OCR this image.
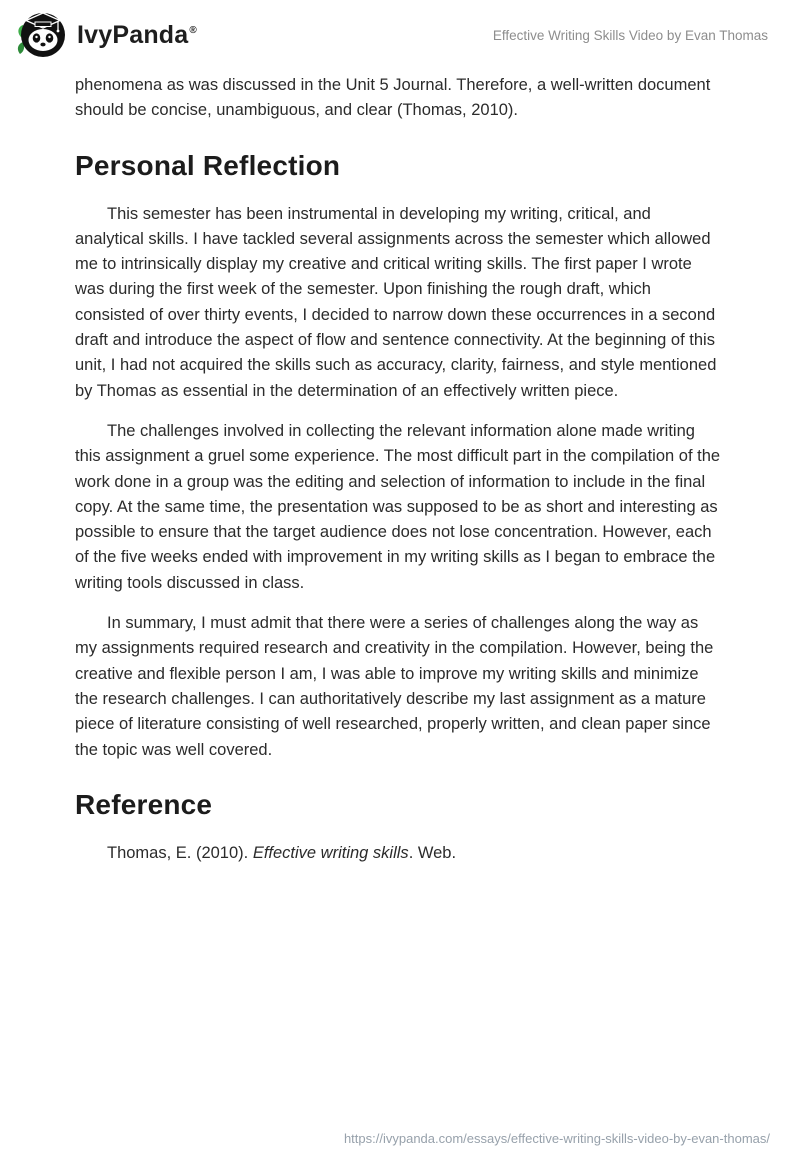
IvyPanda®	Effective Writing Skills Video by Evan Thomas

phenomena as was discussed in the Unit 5 Journal. Therefore, a well-written document should be concise, unambiguous, and clear (Thomas, 2010).

Personal Reflection

This semester has been instrumental in developing my writing, critical, and analytical skills. I have tackled several assignments across the semester which allowed me to intrinsically display my creative and critical writing skills. The first paper I wrote was during the first week of the semester. Upon finishing the rough draft, which consisted of over thirty events, I decided to narrow down these occurrences in a second draft and introduce the aspect of flow and sentence connectivity. At the beginning of this unit, I had not acquired the skills such as accuracy, clarity, fairness, and style mentioned by Thomas as essential in the determination of an effectively written piece.

The challenges involved in collecting the relevant information alone made writing this assignment a gruel some experience. The most difficult part in the compilation of the work done in a group was the editing and selection of information to include in the final copy. At the same time, the presentation was supposed to be as short and interesting as possible to ensure that the target audience does not lose concentration. However, each of the five weeks ended with improvement in my writing skills as I began to embrace the writing tools discussed in class.

In summary, I must admit that there were a series of challenges along the way as my assignments required research and creativity in the compilation. However, being the creative and flexible person I am, I was able to improve my writing skills and minimize the research challenges. I can authoritatively describe my last assignment as a mature piece of literature consisting of well researched, properly written, and clean paper since the topic was well covered.

Reference

Thomas, E. (2010). Effective writing skills. Web.

https://ivypanda.com/essays/effective-writing-skills-video-by-evan-thomas/
